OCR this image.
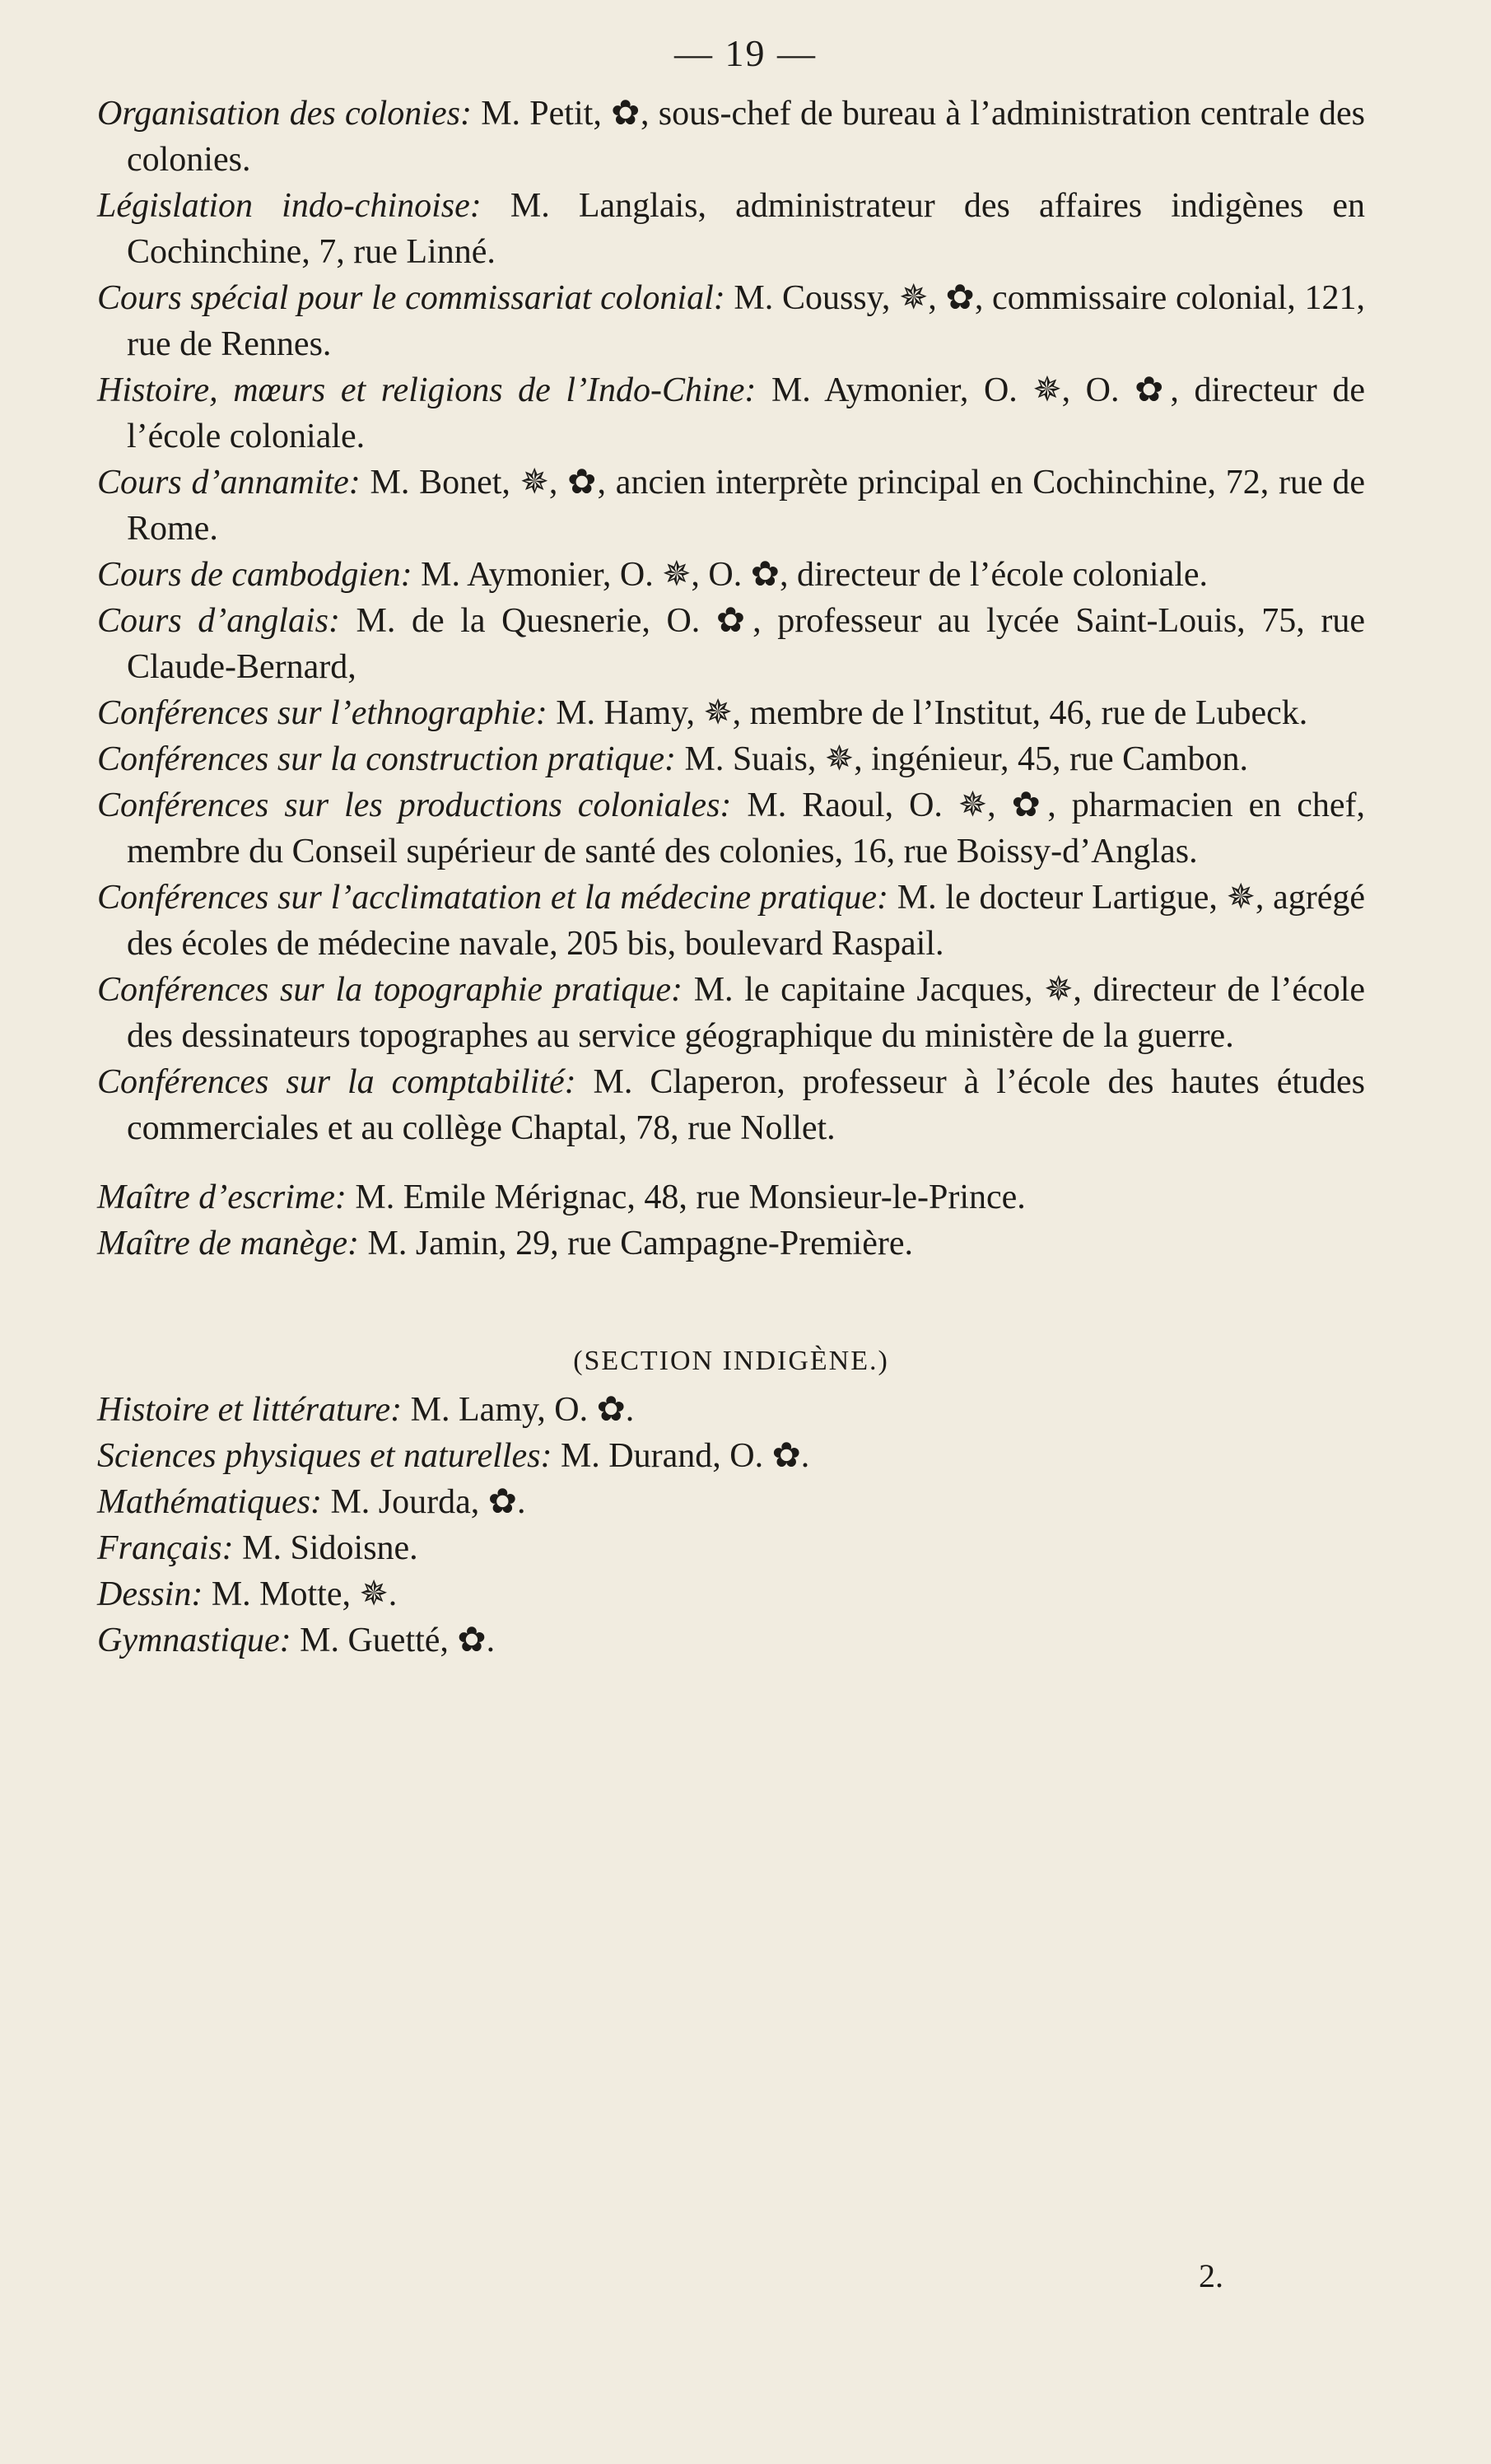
— 19 —

Organisation des colonies: M. Petit, ✿, sous-chef de bureau à l’administration centrale des colonies.

Législation indo-chinoise: M. Langlais, administrateur des affaires indigènes en Cochinchine, 7, rue Linné.

Cours spécial pour le commissariat colonial: M. Coussy, ✵, ✿, commissaire colonial, 121, rue de Rennes.

Histoire, mœurs et religions de l’Indo-Chine: M. Aymonier, O. ✵, O. ✿, directeur de l’école coloniale.

Cours d’annamite: M. Bonet, ✵, ✿, ancien interprète principal en Cochinchine, 72, rue de Rome.

Cours de cambodgien: M. Aymonier, O. ✵, O. ✿, directeur de l’école coloniale.

Cours d’anglais: M. de la Quesnerie, O. ✿, professeur au lycée Saint-Louis, 75, rue Claude-Bernard,

Conférences sur l’ethnographie: M. Hamy, ✵, membre de l’Institut, 46, rue de Lubeck.

Conférences sur la construction pratique: M. Suais, ✵, ingénieur, 45, rue Cambon.

Conférences sur les productions coloniales: M. Raoul, O. ✵, ✿, pharmacien en chef, membre du Conseil supérieur de santé des colonies, 16, rue Boissy-d’Anglas.

Conférences sur l’acclimatation et la médecine pratique: M. le docteur Lartigue, ✵, agrégé des écoles de médecine navale, 205 bis, boulevard Raspail.

Conférences sur la topographie pratique: M. le capitaine Jacques, ✵, directeur de l’école des dessinateurs topographes au service géographique du ministère de la guerre.

Conférences sur la comptabilité: M. Claperon, professeur à l’école des hautes études commerciales et au collège Chaptal, 78, rue Nollet.

Maître d’escrime: M. Emile Mérignac, 48, rue Monsieur-le-Prince.

Maître de manège: M. Jamin, 29, rue Campagne-Première.

(SECTION INDIGÈNE.)

Histoire et littérature: M. Lamy, O. ✿.

Sciences physiques et naturelles: M. Durand, O. ✿.

Mathématiques: M. Jourda, ✿.

Français: M. Sidoisne.

Dessin: M. Motte, ✵.

Gymnastique: M. Guetté, ✿.

2.
